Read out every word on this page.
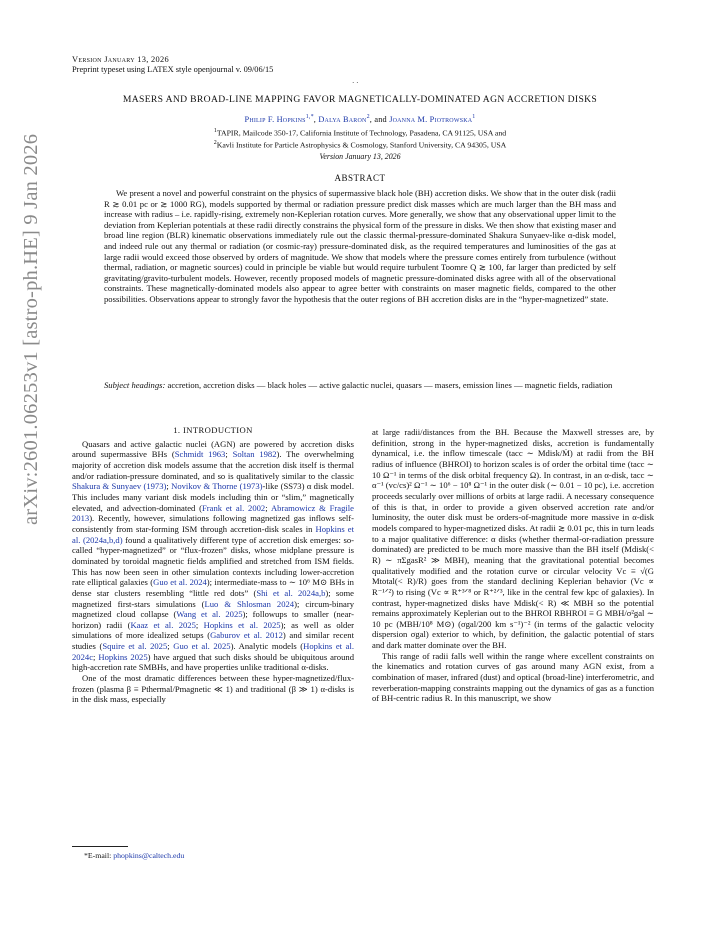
arXiv:2601.06253v1 [astro-ph.HE] 9 Jan 2026
Version January 13, 2026
Preprint typeset using LATEX style openjournal v. 09/06/15
· ·
MASERS AND BROAD-LINE MAPPING FAVOR MAGNETICALLY-DOMINATED AGN ACCRETION DISKS
Philip F. Hopkins$^{1,*}$, Dalya Baron$^2$, and Joanna M. Piotrowska$^1$
$^1$TAPIR, Mailcode 350-17, California Institute of Technology, Pasadena, CA 91125, USA and
$^2$Kavli Institute for Particle Astrophysics & Cosmology, Stanford University, CA 94305, USA
Version January 13, 2026
ABSTRACT
We present a novel and powerful constraint on the physics of supermassive black hole (BH) accretion disks. We show that in the outer disk (radii R ≳ 0.01 pc or ≳ 1000 RG), models supported by thermal or radiation pressure predict disk masses which are much larger than the BH mass and increase with radius – i.e. rapidly-rising, extremely non-Keplerian rotation curves. More generally, we show that any observational upper limit to the deviation from Keplerian potentials at these radii directly constrains the physical form of the pressure in disks. We then show that existing maser and broad line region (BLR) kinematic observations immediately rule out the classic thermal-pressure-dominated Shakura Sunyaev-like α-disk model, and indeed rule out any thermal or radiation (or cosmic-ray) pressure-dominated disk, as the required temperatures and luminosities of the gas at large radii would exceed those observed by orders of magnitude. We show that models where the pressure comes entirely from turbulence (without thermal, radiation, or magnetic sources) could in principle be viable but would require turbulent Toomre Q ≳ 100, far larger than predicted by self gravitating/gravito-turbulent models. However, recently proposed models of magnetic pressure-dominated disks agree with all of the observational constraints. These magnetically-dominated models also appear to agree better with constraints on maser magnetic fields, compared to the other possibilities. Observations appear to strongly favor the hypothesis that the outer regions of BH accretion disks are in the “hyper-magnetized” state.
Subject headings: accretion, accretion disks — black holes — active galactic nuclei, quasars — masers, emission lines — magnetic fields, radiation
1. INTRODUCTION

Quasars and active galactic nuclei (AGN) are powered by accretion disks around supermassive BHs (Schmidt 1963; Soltan 1982). The overwhelming majority of accretion disk models assume that the accretion disk itself is thermal and/or radiation-pressure dominated, and so is qualitatively similar to the classic Shakura & Sunyaev (1973); Novikov & Thorne (1973)-like (SS73) α disk model. This includes many variant disk models including thin or “slim,” magnetically elevated, and advection-dominated (Frank et al. 2002; Abramowicz & Fragile 2013). Recently, however, simulations following magnetized gas inflows self-consistently from star-forming ISM through accretion-disk scales in Hopkins et al. (2024a,b,d) found a qualitatively different type of accretion disk emerges: so-called “hyper-magnetized” or “flux-frozen” disks, whose midplane pressure is dominated by toroidal magnetic fields amplified and stretched from ISM fields. This has now been seen in other simulation contexts including lower-accretion rate elliptical galaxies (Guo et al. 2024); intermediate-mass to ∼ 10⁶ M⊙ BHs in dense star clusters resembling “little red dots” (Shi et al. 2024a,b); some magnetized first-stars simulations (Luo & Shlosman 2024); circum-binary magnetized cloud collapse (Wang et al. 2025); followups to smaller (near-horizon) radii (Kaaz et al. 2025; Hopkins et al. 2025); as well as older simulations of more idealized setups (Gaburov et al. 2012) and similar recent studies (Squire et al. 2025; Guo et al. 2025). Analytic models (Hopkins et al. 2024c; Hopkins 2025) have argued that such disks should be ubiquitous around high-accretion rate SMBHs, and have properties unlike traditional α-disks.

One of the most dramatic differences between these hyper-magnetized/flux-frozen (plasma β ≡ Pthermal/Pmagnetic ≪ 1) and traditional (β ≫ 1) α-disks is in the disk mass, especially

at large radii/distances from the BH. Because the Maxwell stresses are, by definition, strong in the hyper-magnetized disks, accretion is fundamentally dynamical, i.e. the inflow timescale (tacc ∼ Mdisk/Ṁ) at radii from the BH radius of influence (BHROI) to horizon scales is of order the orbital time (tacc ∼ 10 Ω⁻¹ in terms of the disk orbital frequency Ω). In contrast, in an α-disk, tacc ∼ α⁻¹ (vc/cs)² Ω⁻¹ ∼ 10⁶ − 10⁸ Ω⁻¹ in the outer disk (∼ 0.01 − 10 pc), i.e. accretion proceeds secularly over millions of orbits at large radii. A necessary consequence of this is that, in order to provide a given observed accretion rate and/or luminosity, the outer disk must be orders-of-magnitude more massive in α-disk models compared to hyper-magnetized disks. At radii ≳ 0.01 pc, this in turn leads to a major qualitative difference: α disks (whether thermal-or-radiation pressure dominated) are predicted to be much more massive than the BH itself (Mdisk(< R) ∼ πΣgasR² ≫ MBH), meaning that the gravitational potential becomes qualitatively modified and the rotation curve or circular velocity Vc ≡ √(G Mtotal(< R)/R) goes from the standard declining Keplerian behavior (Vc ∝ R⁻¹ᐟ²) to rising (Vc ∝ R⁺³ᐟ⁸ or R⁺²ᐟ³, like in the central few kpc of galaxies). In contrast, hyper-magnetized disks have Mdisk(< R) ≪ MBH so the potential remains approximately Keplerian out to the BHROI RBHROI ≡ G MBH/σ²gal ∼ 10 pc (MBH/10⁸ M⊙) (σgal/200 km s⁻¹)⁻² (in terms of the galactic velocity dispersion σgal) exterior to which, by definition, the galactic potential of stars and dark matter dominate over the BH.

This range of radii falls well within the range where excellent constraints on the kinematics and rotation curves of gas around many AGN exist, from a combination of maser, infrared (dust) and optical (broad-line) interferometric, and reverberation-mapping constraints mapping out the dynamics of gas as a function of BH-centric radius R. In this manuscript, we show

*E-mail: phopkins@caltech.edu
